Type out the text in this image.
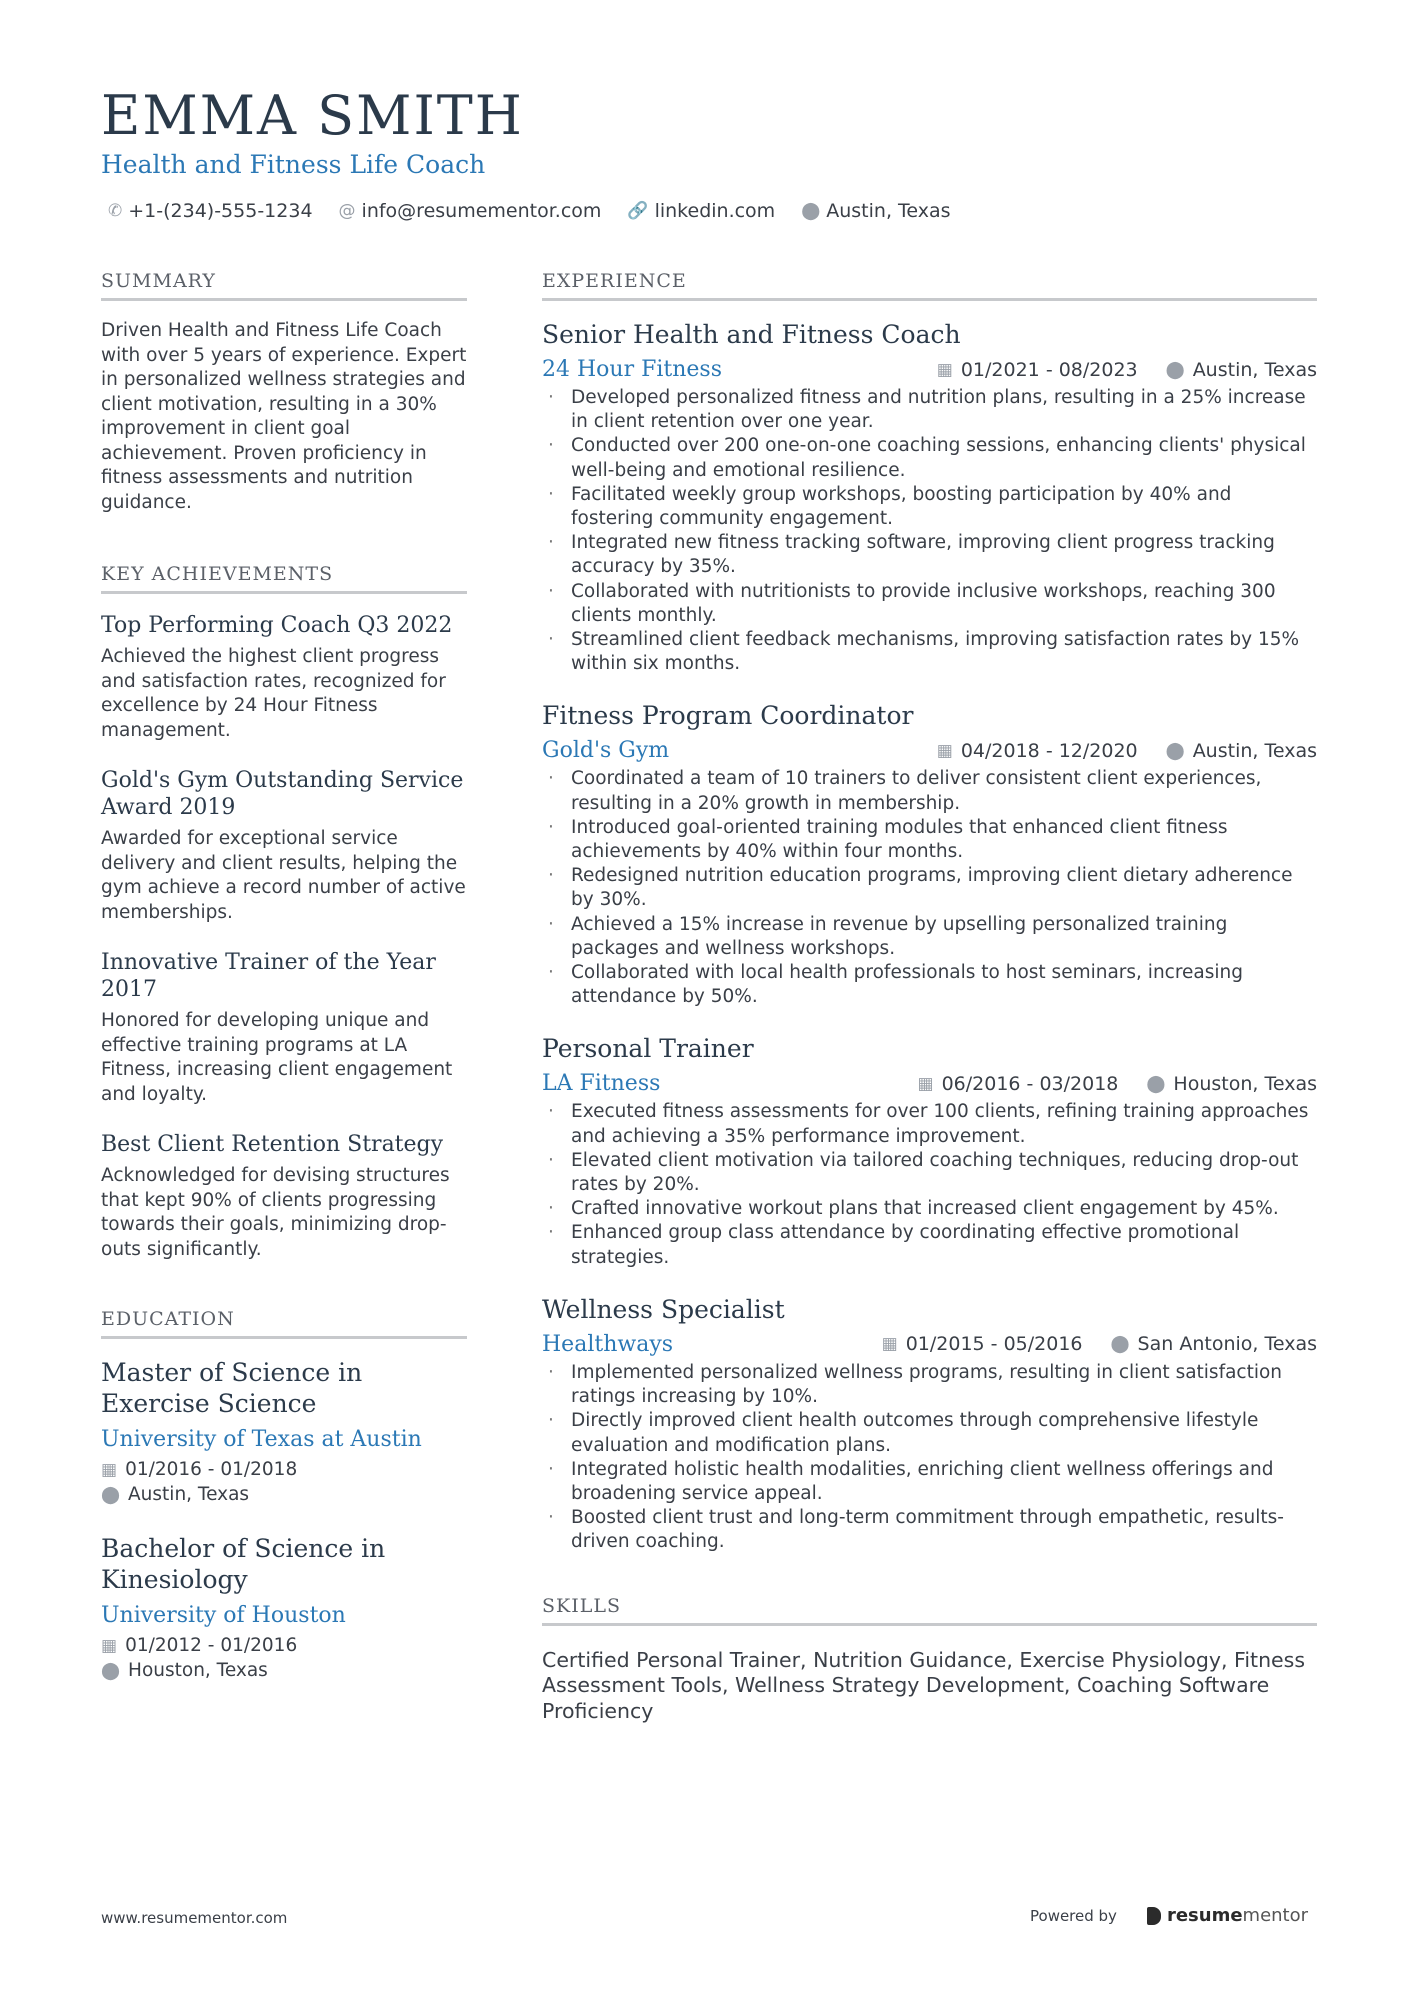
EMMA SMITH
Health and Fitness Life Coach
✆ +1-(234)-555-1234 @ info@resumementor.com 🔗 linkedin.com ⬤ Austin, Texas
SUMMARY

Driven Health and Fitness Life Coach with over 5 years of experience. Expert in personalized wellness strategies and client motivation, resulting in a 30% improvement in client goal achievement. Proven proficiency in fitness assessments and nutrition guidance.

KEY ACHIEVEMENTS
Top Performing Coach Q3 2022

Achieved the highest client progress and satisfaction rates, recognized for excellence by 24 Hour Fitness management.

Gold's Gym Outstanding Service Award 2019

Awarded for exceptional service delivery and client results, helping the gym achieve a record number of active memberships.

Innovative Trainer of the Year 2017

Honored for developing unique and effective training programs at LA Fitness, increasing client engagement and loyalty.

Best Client Retention Strategy

Acknowledged for devising structures that kept 90% of clients progressing towards their goals, minimizing drop-outs significantly.

EDUCATION
Master of Science in Exercise Science
University of Texas at Austin
▦ 01/2016 - 01/2018
⬤ Austin, Texas
Bachelor of Science in Kinesiology
University of Houston
▦ 01/2012 - 01/2016
⬤ Houston, Texas
EXPERIENCE
Senior Health and Fitness Coach
24 Hour Fitness	▦ 01/2021 - 08/2023 ⬤ Austin, Texas
· Developed personalized fitness and nutrition plans, resulting in a 25% increase in client retention over one year.
· Conducted over 200 one-on-one coaching sessions, enhancing clients' physical well-being and emotional resilience.
· Facilitated weekly group workshops, boosting participation by 40% and fostering community engagement.
· Integrated new fitness tracking software, improving client progress tracking accuracy by 35%.
· Collaborated with nutritionists to provide inclusive workshops, reaching 300 clients monthly.
· Streamlined client feedback mechanisms, improving satisfaction rates by 15% within six months.
Fitness Program Coordinator
Gold's Gym	▦ 04/2018 - 12/2020 ⬤ Austin, Texas
· Coordinated a team of 10 trainers to deliver consistent client experiences, resulting in a 20% growth in membership.
· Introduced goal-oriented training modules that enhanced client fitness achievements by 40% within four months.
· Redesigned nutrition education programs, improving client dietary adherence by 30%.
· Achieved a 15% increase in revenue by upselling personalized training packages and wellness workshops.
· Collaborated with local health professionals to host seminars, increasing attendance by 50%.
Personal Trainer
LA Fitness	▦ 06/2016 - 03/2018 ⬤ Houston, Texas
· Executed fitness assessments for over 100 clients, refining training approaches and achieving a 35% performance improvement.
· Elevated client motivation via tailored coaching techniques, reducing drop-out rates by 20%.
· Crafted innovative workout plans that increased client engagement by 45%.
· Enhanced group class attendance by coordinating effective promotional strategies.
Wellness Specialist
Healthways	▦ 01/2015 - 05/2016 ⬤ San Antonio, Texas
· Implemented personalized wellness programs, resulting in client satisfaction ratings increasing by 10%.
· Directly improved client health outcomes through comprehensive lifestyle evaluation and modification plans.
· Integrated holistic health modalities, enriching client wellness offerings and broadening service appeal.
· Boosted client trust and long-term commitment through empathetic, results-driven coaching.
SKILLS

Certified Personal Trainer, Nutrition Guidance, Exercise Physiology, Fitness Assessment Tools, Wellness Strategy Development, Coaching Software Proficiency

www.resumementor.com	Powered by	resume mentor
